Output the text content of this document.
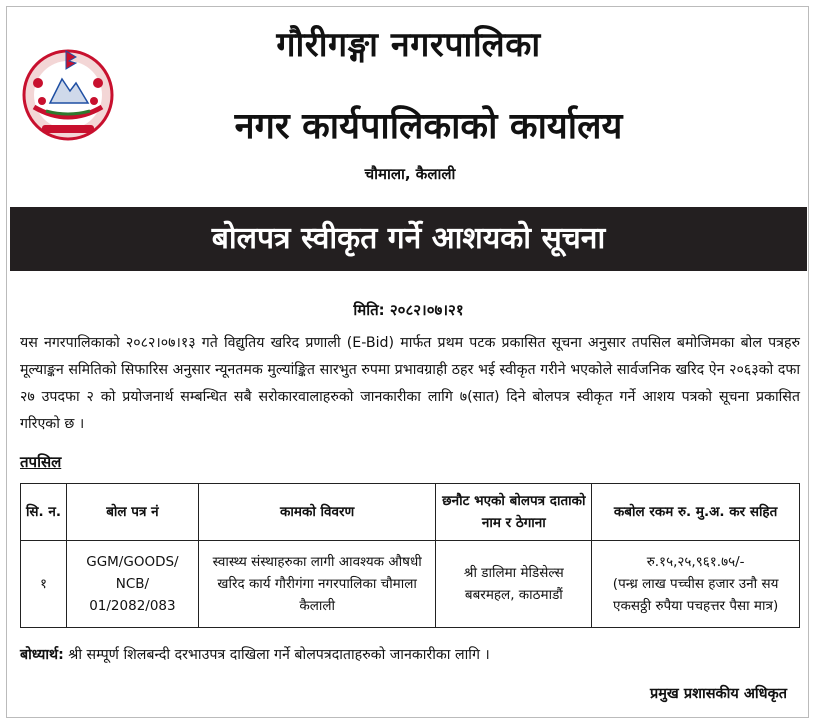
गौरीगङ्गा नगरपालिका
नगर कार्यपालिकाको कार्यालय
चौमाला, कैलाली
बोलपत्र स्वीकृत गर्ने आशयको सूचना
मिति: २०८२।०७।२१
यस नगरपालिकाको २०८२।०७।१३ गते विद्युतिय खरिद प्रणाली (E-Bid) मार्फत प्रथम पटक प्रकासित सूचना अनुसार तपसिल बमोजिमका बोल पत्रहरु मूल्याङ्कन समितिको सिफारिस अनुसार न्यूनतमक मुल्यांङ्कित सारभुत रुपमा प्रभावग्राही ठहर भई स्वीकृत गरीने भएकोले सार्वजनिक खरिद ऐन २०६३को दफा २७ उपदफा २ को प्रयोजनार्थ सम्बन्धित सबै सरोकारवालाहरुको जानकारीका लागि ७(सात) दिने बोलपत्र स्वीकृत गर्ने आशय पत्रको सूचना प्रकासित गरिएको छ ।
तपसिल
सि. न.	बोल पत्र नं	कामको विवरण	छनौट भएको बोलपत्र दाताको नाम र ठेगाना	कबोल रकम रु. मु.अ. कर सहित
१	GGM/GOODS/ NCB/ 01/2082/083	स्वास्थ्य संस्थाहरुका लागी आवश्यक औषधी खरिद कार्य गौरीगंगा नगरपालिका चौमाला कैलाली	श्री डालिमा मेडिसेल्स बबरमहल, काठमाडौं	रु.१५,२५,९६१.७५/-
(पन्ध्र लाख पच्चीस हजार उनौ सय एकसठ्ठी रुपैया पचहत्तर पैसा मात्र)
बोध्यार्थ: श्री सम्पूर्ण शिलबन्दी दरभाउपत्र दाखिला गर्ने बोलपत्रदाताहरुको जानकारीका लागि ।
प्रमुख प्रशासकीय अधिकृत
